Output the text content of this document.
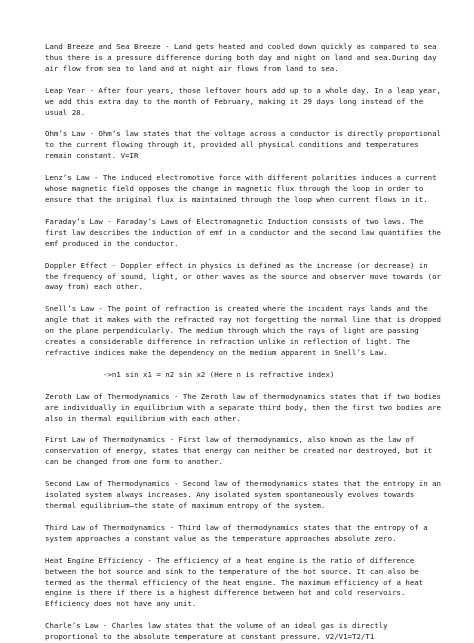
Land Breeze and Sea Breeze - Land gets heated and cooled down quickly as compared to sea thus there is a pressure difference during both day and night on land and sea.During day air flow from sea to land and at night air flows from land to sea.

Leap Year - After four years, those leftover hours add up to a whole day. In a leap year, we add this extra day to the month of February, making it 29 days long instead of the usual 28.

Ohm’s Law - Ohm’s law states that the voltage across a conductor is directly proportional to the current flowing through it, provided all physical conditions and temperatures remain constant. V=IR

Lenz’s Law - The induced electromotive force with different polarities induces a current whose magnetic field opposes the change in magnetic flux through the loop in order to ensure that the original flux is maintained through the loop when current flows in it.

Faraday’s Law - Faraday’s Laws of Electromagnetic Induction consists of two laws. The first law describes the induction of emf in a conductor and the second law quantifies the emf produced in the conductor.

Doppler Effect - Doppler effect in physics is defined as the increase (or decrease) in the frequency of sound, light, or other waves as the source and observer move towards (or away from) each other.

Snell’s Law - The point of refraction is created where the incident rays lands and the angle that it makes with the refracted ray not forgetting the normal line that is dropped on the plane perpendicularly. The medium through which the rays of light are passing creates a considerable difference in refraction unlike in reflection of light. The refractive indices make the dependency on the medium apparent in Snell’s Law.

->n1 sin x1 = n2 sin x2 (Here n is refractive index)

Zeroth Law of Thermodynamics - The Zeroth law of thermodynamics states that if two bodies are individually in equilibrium with a separate third body, then the first two bodies are also in thermal equilibrium with each other.

First Law of Thermodynamics - First law of thermodynamics, also known as the law of conservation of energy, states that energy can neither be created nor destroyed, but it can be changed from one form to another.

Second Law of Thermodynamics - Second law of thermodynamics states that the entropy in an isolated system always increases. Any isolated system spontaneously evolves towards thermal equilibrium—the state of maximum entropy of the system.

Third Law of Thermodynamics - Third law of thermodynamics states that the entropy of a system approaches a constant value as the temperature approaches absolute zero.

Heat Engine Efficiency - The efficiency of a heat engine is the ratio of difference between the hot source and sink to the temperature of the hot source. It can also be termed as the thermal efficiency of the heat engine. The maximum efficiency of a heat engine is there if there is a highest difference between hot and cold reservoirs. Efficiency does not have any unit.

Charle’s Law - Charles law states that the volume of an ideal gas is directly proportional to the absolute temperature at constant pressure. V2/V1=T2/T1
